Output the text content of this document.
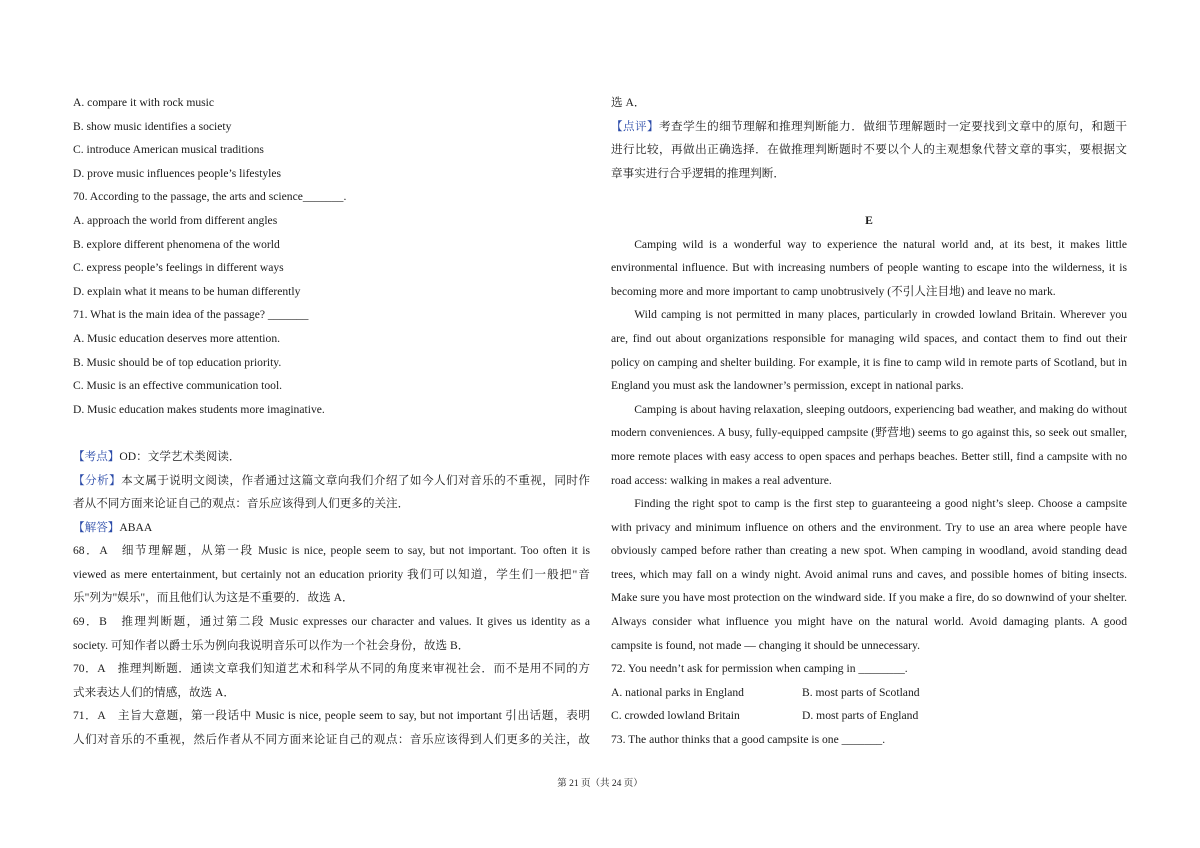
A. compare it with rock music
B. show music identifies a society
C. introduce American musical traditions
D. prove music influences people’s lifestyles
70. According to the passage, the arts and science_______.
A. approach the world from different angles
B. explore different phenomena of the world
C. express people’s feelings in different ways
D. explain what it means to be human differently
71. What is the main idea of the passage? _______
A. Music education deserves more attention.
B. Music should be of top education priority.
C. Music is an effective communication tool.
D. Music education makes students more imaginative.
【考点】OD：文学艺术类阅读．
【分析】本文属于说明文阅读，作者通过这篇文章向我们介绍了如今人们对音乐的不重视，同时作
者从不同方面来论证自己的观点：音乐应该得到人们更多的关注．
【解答】ABAA
68．A　细节理解题，从第一段 Music is nice, people seem to say, but not important. Too often it is
viewed as mere entertainment, but certainly not an education priority 我们可以知道，学生们一般把"音
乐"列为"娱乐"，而且他们认为这是不重要的．故选 A．
69．B　推理判断题，通过第二段 Music expresses our character and values. It gives us identity as a
society. 可知作者以爵士乐为例向我说明音乐可以作为一个社会身份，故选 B．
70．A　推理判断题．通读文章我们知道艺术和科学从不同的角度来审视社会．而不是用不同的方
式来表达人们的情感，故选 A．
71．A　主旨大意题，第一段话中 Music is nice, people seem to say, but not important 引出话题，表明
人们对音乐的不重视，然后作者从不同方面来论证自己的观点：音乐应该得到人们更多的关注，故
选 A．
【点评】考查学生的细节理解和推理判断能力．做细节理解题时一定要找到文章中的原句，和题干
进行比较，再做出正确选择．在做推理判断题时不要以个人的主观想象代替文章的事实，要根据文
章事实进行合乎逻辑的推理判断．
E

Camping wild is a wonderful way to experience the natural world and, at its best, it makes little environmental influence. But with increasing numbers of people wanting to escape into the wilderness, it is becoming more and more important to camp unobtrusively (不引人注目地) and leave no mark.

Wild camping is not permitted in many places, particularly in crowded lowland Britain. Wherever you are, find out about organizations responsible for managing wild spaces, and contact them to find out their policy on camping and shelter building. For example, it is fine to camp wild in remote parts of Scotland, but in England you must ask the landowner’s permission, except in national parks.

Camping is about having relaxation, sleeping outdoors, experiencing bad weather, and making do without modern conveniences. A busy, fully-equipped campsite (野营地) seems to go against this, so seek out smaller, more remote places with easy access to open spaces and perhaps beaches. Better still, find a campsite with no road access: walking in makes a real adventure.

Finding the right spot to camp is the first step to guaranteeing a good night’s sleep. Choose a campsite with privacy and minimum influence on others and the environment. Try to use an area where people have obviously camped before rather than creating a new spot. When camping in woodland, avoid standing dead trees, which may fall on a windy night. Avoid animal runs and caves, and possible homes of biting insects. Make sure you have most protection on the windward side. If you make a fire, do so downwind of your shelter. Always consider what influence you might have on the natural world. Avoid damaging plants. A good campsite is found, not made — changing it should be unnecessary.

72. You needn’t ask for permission when camping in ________.
A. national parks in England	B. most parts of Scotland
C. crowded lowland Britain	D. most parts of England
73. The author thinks that a good campsite is one _______.
第 21 页（共 24 页）
